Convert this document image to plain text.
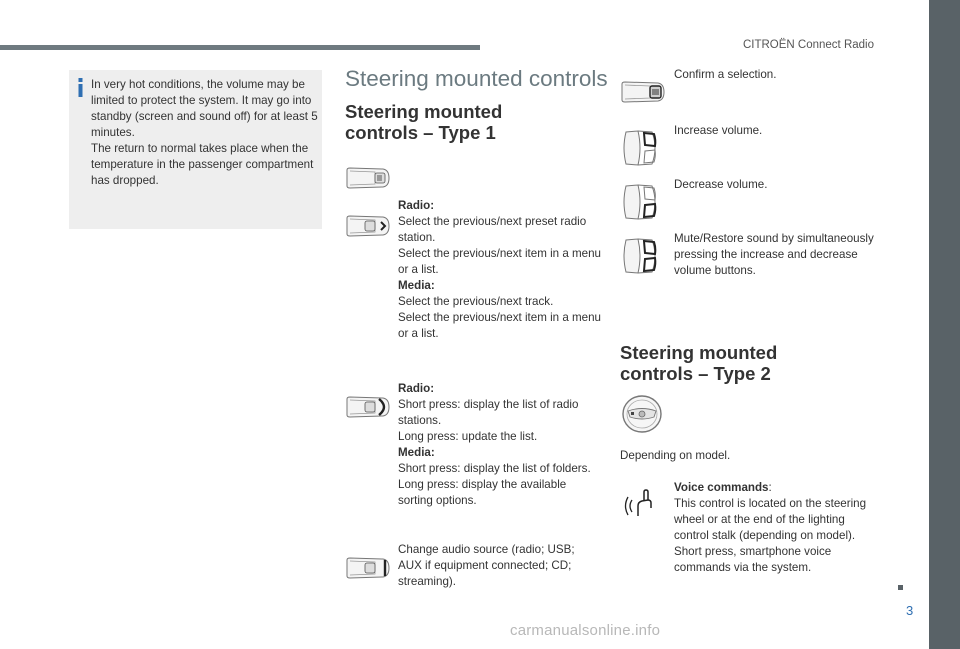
CITROËN Connect Radio
3

In very hot conditions, the volume may be limited to protect the system. It may go into standby (screen and sound off) for at least 5 minutes.

The return to normal takes place when the temperature in the passenger compartment has dropped.

Steering mounted controls
Steering mounted
controls – Type 1

Radio:

Select the previous/next preset radio station.

Select the previous/next item in a menu or a list.

Media:

Select the previous/next track.

Select the previous/next item in a menu or a list.

Radio:

Short press: display the list of radio stations.

Long press: update the list.

Media:

Short press: display the list of folders.

Long press: display the available sorting options.

Change audio source (radio; USB; AUX if equipment connected; CD; streaming).

Confirm a selection.
Increase volume.
Decrease volume.
Mute/Restore sound by simultaneously pressing the increase and decrease volume buttons.
Steering mounted
controls – Type 2
Depending on model.

Voice commands:

This control is located on the steering wheel or at the end of the lighting control stalk (depending on model).

Short press, smartphone voice commands via the system.

carmanualsonline.info
